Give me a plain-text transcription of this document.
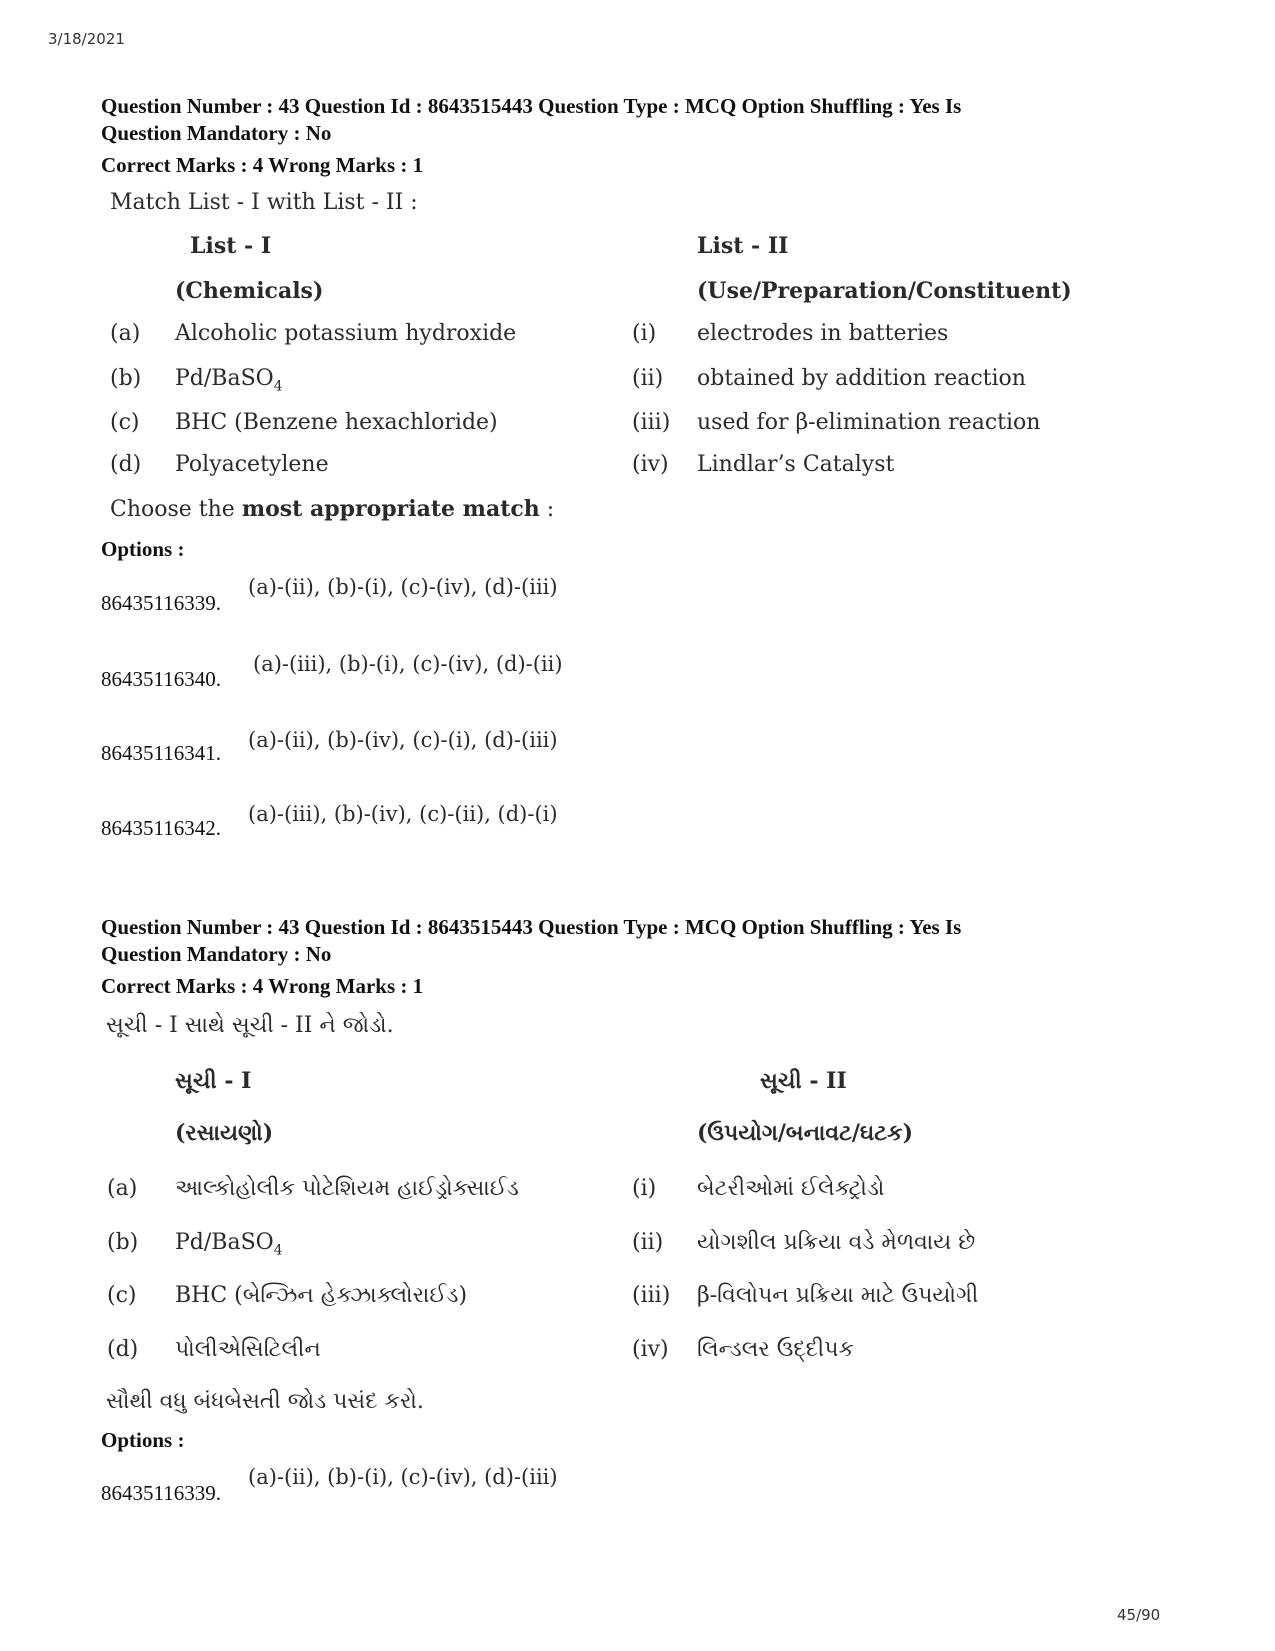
3/18/2021
Question Number : 43 Question Id : 8643515443 Question Type : MCQ Option Shuffling : Yes Is
Question Mandatory : No
Correct Marks : 4 Wrong Marks : 1
Match List - I with List - II :
List - I	List - II
(Chemicals)	(Use/Preparation/Constituent)
(a) Alcoholic potassium hydroxide	(i) electrodes in batteries
(b) Pd/BaSO$_4$	(ii) obtained by addition reaction
(c) BHC (Benzene hexachloride)	(iii) used for β-elimination reaction
(d) Polyacetylene	(iv) Lindlar’s Catalyst
Choose the most appropriate match :
Options :
86435116339.
(a)-(ii), (b)-(i), (c)-(iv), (d)-(iii)
86435116340.
(a)-(iii), (b)-(i), (c)-(iv), (d)-(ii)
86435116341.
(a)-(ii), (b)-(iv), (c)-(i), (d)-(iii)
86435116342.
(a)-(iii), (b)-(iv), (c)-(ii), (d)-(i)
Question Number : 43 Question Id : 8643515443 Question Type : MCQ Option Shuffling : Yes Is
Question Mandatory : No
Correct Marks : 4 Wrong Marks : 1
સૂચી - I સાથે સૂચી - II ને જોડો.
સૂચી - I	સૂચી - II
(રસાયણો)	(ઉપયોગ/બનાવટ/ઘટક)
(a) આલ્કોહોલીક પોટેશિયમ હાઈડ્રોક્સાઈડ	(i) બેટરીઓમાં ઈલેક્ટ્રોડો
(b) Pd/BaSO$_4$	(ii) યોગશીલ પ્રક્રિયા વડે મેળવાય છે
(c) BHC (બેન્ઝિન હેક્ઝાક્લોરાઈડ)	(iii) β-વિલોપન પ્રક્રિયા માટે ઉપયોગી
(d) પોલીએસિટિલીન	(iv) લિન્ડલર ઉદ્દીપક
સૌથી વધુ બંધબેસતી જોડ પસંદ કરો.
Options :
86435116339.
(a)-(ii), (b)-(i), (c)-(iv), (d)-(iii)
45/90
